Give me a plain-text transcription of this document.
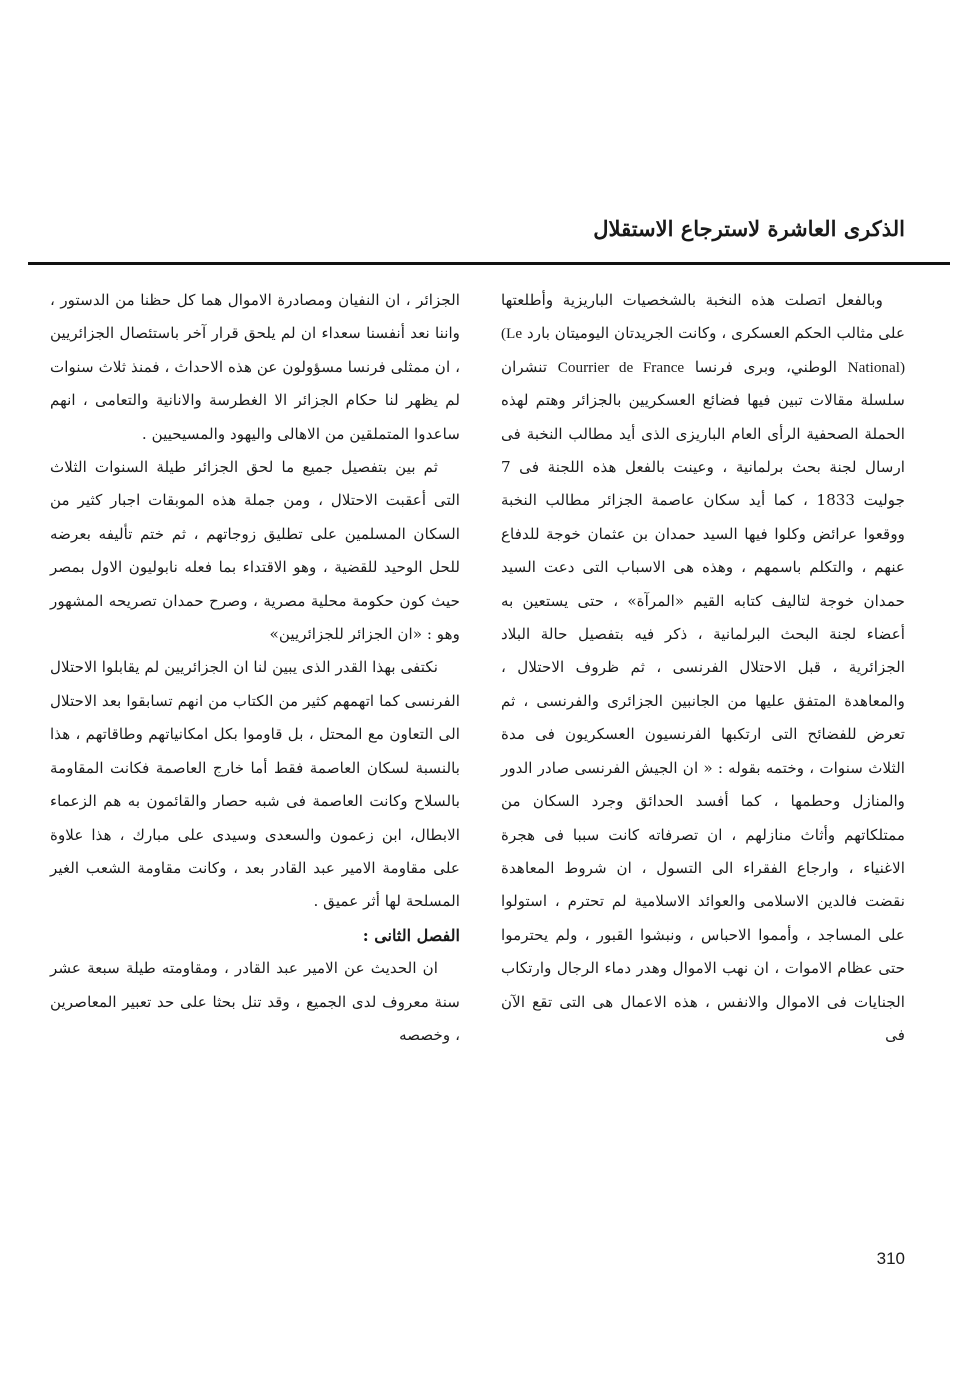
الذكرى العاشرة لاسترجاع الاستقلال

وبالفعل اتصلت هذه النخبة بالشخصيات الباريزية وأطلعتها على مثالب الحكم العسكرى ، وكانت الجريدتان اليوميتان بارد (Le National) الوطني، وبرى فرنسا Courrier de France تنشران سلسلة مقالات تبين فيها فضائع العسكريين بالجزائر وهتم لهذه الحملة الصحفية الرأى العام الباريزى الذى أيد مطالب النخبة فى ارسال لجنة بحث برلمانية ، وعينت بالفعل هذه اللجنة فى 7 جوليت 1833 ، كما أيد سكان عاصمة الجزائر مطالب النخبة ووقعوا عرائض وكلوا فيها السيد حمدان بن عثمان خوجة للدفاع عنهم ، والتكلم باسمهم ، وهذه هى الاسباب التى دعت السيد حمدان خوجة لتاليف كتابه القيم «المرآة» ، حتى يستعين به أعضاء لجنة البحث البرلمانية ، ذكر فيه بتفصيل حالة البلاد الجزائرية ، قبل الاحتلال الفرنسى ، ثم ظروف الاحتلال ، والمعاهدة المتفق عليها من الجانبين الجزائرى والفرنسى ، ثم تعرض للفضائح التى ارتكبها الفرنسيون العسكريون فى مدة الثلاث سنوات ، وختمه بقوله : « ان الجيش الفرنسى صادر الدور والمنازل وحطمها ، كما أفسد الحدائق وجرد السكان من ممتلكاتهم وأثاث منازلهم ، ان تصرفاته كانت سببا فى هجرة الاغنياء ، وارجاع الفقراء الى التسول ، ان شروط المعاهدة نقضت فالدين الاسلامى والعوائد الاسلامية لم تحترم ، استولوا على المساجد ، وأمموا الاحباس ، ونبشوا القبور ، ولم يحترموا حتى عظام الاموات ، ان نهب الاموال وهدر دماء الرجال وارتكاب الجنايات فى الاموال والانفس ، هذه الاعمال هى التى تقع الآن فى

الجزائر ، ان النفيان ومصادرة الاموال هما كل حظنا من الدستور ، واننا نعد أنفسنا سعداء ان لم يلحق قرار آخر باستئصال الجزائريين ، ان ممثلى فرنسا مسؤولون عن هذه الاحداث ، فمنذ ثلاث سنوات لم يظهر لنا حكام الجزائر الا الغطرسة والانانية والتعامى ، انهم ساعدوا المتملقين من الاهالى واليهود والمسيحيين .

ثم بين بتفصيل جميع ما لحق الجزائر طيلة السنوات الثلاث التى أعقبت الاحتلال ، ومن جملة هذه الموبقات اجبار كثير من السكان المسلمين على تطليق زوجاتهم ، ثم ختم تأليفه بعرضه للحل الوحيد للقضية ، وهو الاقتداء بما فعله نابوليون الاول بمصر حيث كون حكومة محلية مصرية ، وصرح حمدان تصريحه المشهور وهو : «ان الجزائر للجزائريين»

نكتفى بهذا القدر الذى يبين لنا ان الجزائريين لم يقابلوا الاحتلال الفرنسى كما اتهمهم كثير من الكتاب من انهم تسابقوا بعد الاحتلال الى التعاون مع المحتل ، بل قاوموا بكل امكانياتهم وطاقاتهم ، هذا بالنسبة لسكان العاصمة فقط أما خارج العاصمة فكانت المقاومة بالسلاح وكانت العاصمة فى شبه حصار والقائمون به هم الزعماء الابطال، ابن زعمون والسعدى وسيدى على مبارك ، هذا علاوة على مقاومة الامير عبد القادر بعد ، وكانت مقاومة الشعب الغير المسلحة لها أثر عميق .

الفصل الثانى :

ان الحديث عن الامير عبد القادر ، ومقاومته طيلة سبعة عشر سنة معروف لدى الجميع ، وقد تنل بحثا على حد تعبير المعاصرين ، وخصصه

310
